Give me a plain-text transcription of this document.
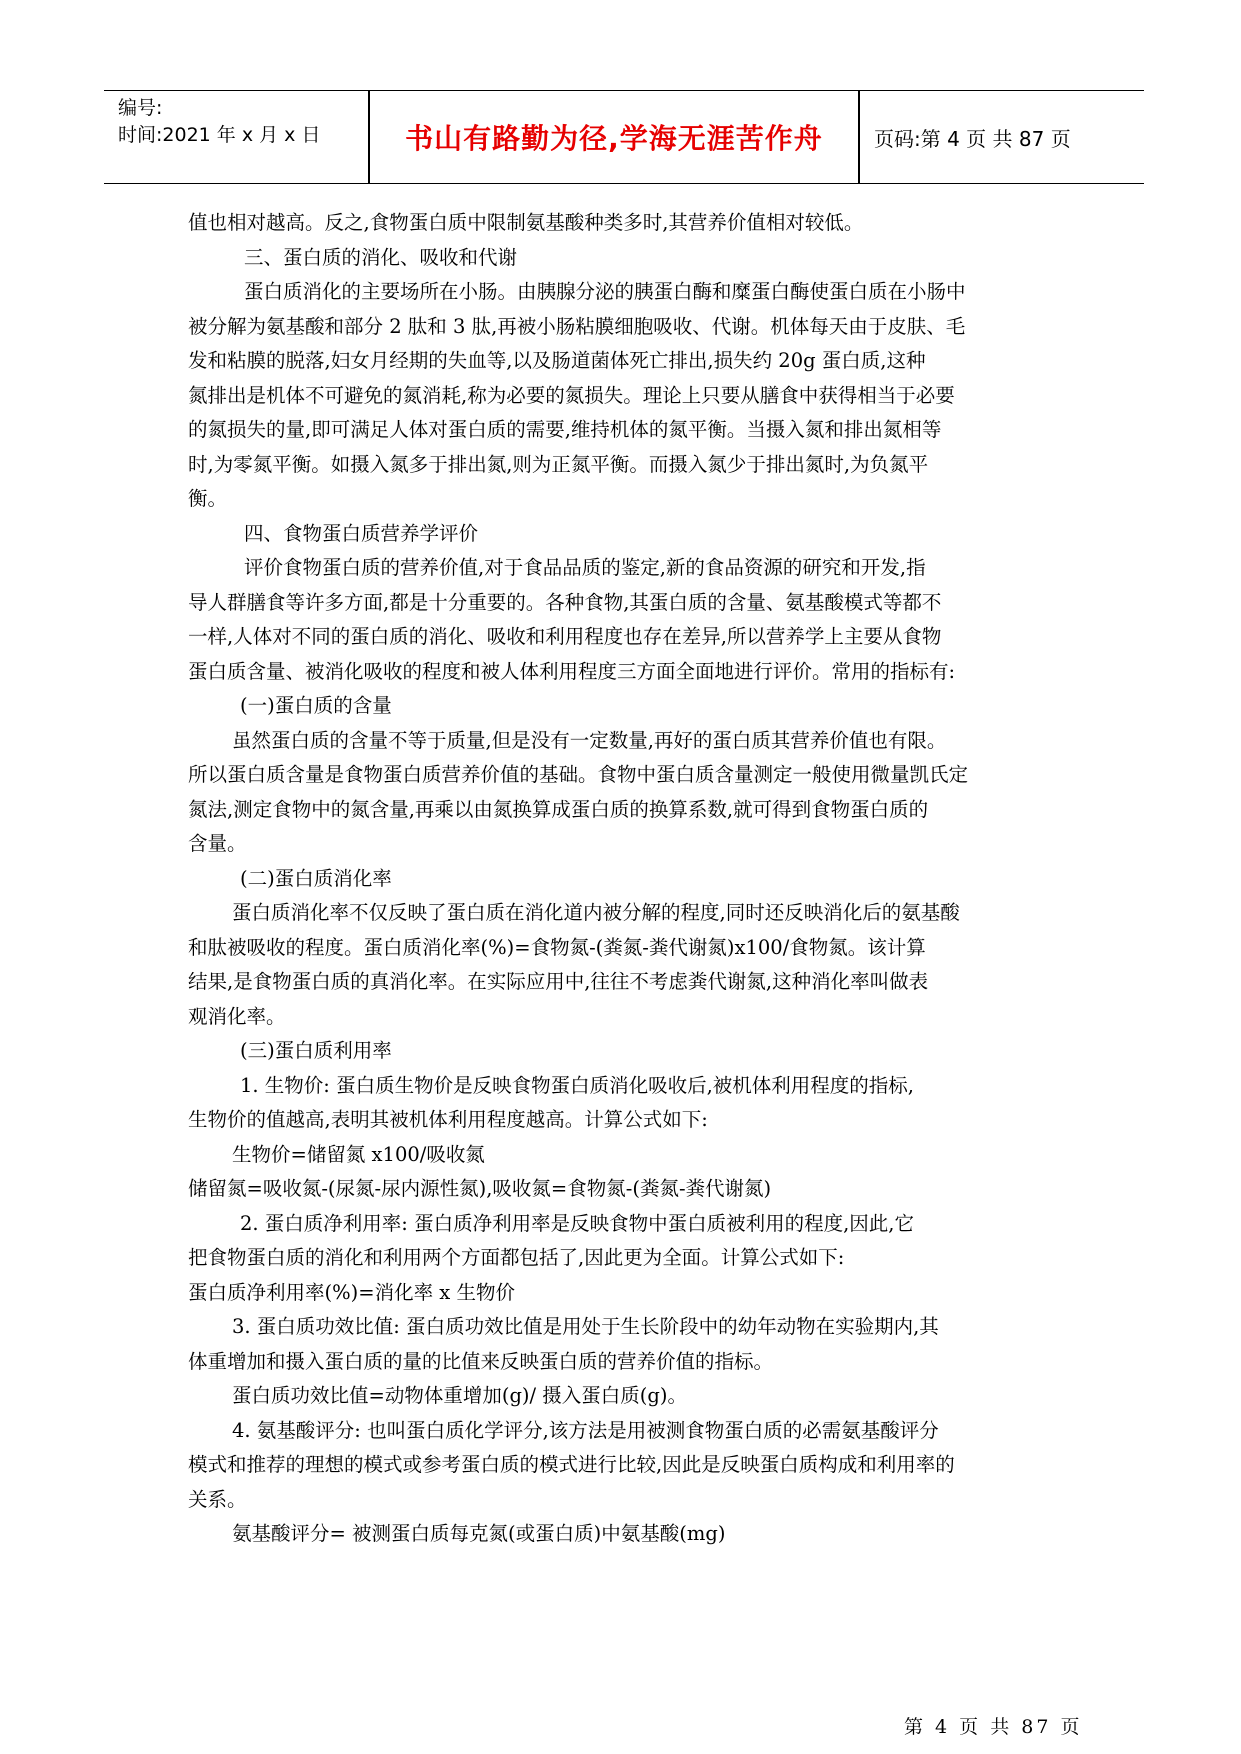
编号:
时间:2021 年 x 月 x 日	书山有路勤为径,学海无涯苦作舟	页码:第 4 页 共 87 页

值也相对越高。反之,食物蛋白质中限制氨基酸种类多时,其营养价值相对较低。

三、蛋白质的消化、吸收和代谢

蛋白质消化的主要场所在小肠。由胰腺分泌的胰蛋白酶和糜蛋白酶使蛋白质在小肠中

被分解为氨基酸和部分 2 肽和 3 肽,再被小肠粘膜细胞吸收、代谢。机体每天由于皮肤、毛

发和粘膜的脱落,妇女月经期的失血等,以及肠道菌体死亡排出,损失约 20g 蛋白质,这种

氮排出是机体不可避免的氮消耗,称为必要的氮损失。理论上只要从膳食中获得相当于必要

的氮损失的量,即可满足人体对蛋白质的需要,维持机体的氮平衡。当摄入氮和排出氮相等

时,为零氮平衡。如摄入氮多于排出氮,则为正氮平衡。而摄入氮少于排出氮时,为负氮平

衡。

四、食物蛋白质营养学评价

评价食物蛋白质的营养价值,对于食品品质的鉴定,新的食品资源的研究和开发,指

导人群膳食等许多方面,都是十分重要的。各种食物,其蛋白质的含量、氨基酸模式等都不

一样,人体对不同的蛋白质的消化、吸收和利用程度也存在差异,所以营养学上主要从食物

蛋白质含量、被消化吸收的程度和被人体利用程度三方面全面地进行评价。常用的指标有:

(一)蛋白质的含量

虽然蛋白质的含量不等于质量,但是没有一定数量,再好的蛋白质其营养价值也有限。

所以蛋白质含量是食物蛋白质营养价值的基础。食物中蛋白质含量测定一般使用微量凯氏定

氮法,测定食物中的氮含量,再乘以由氮换算成蛋白质的换算系数,就可得到食物蛋白质的

含量。

(二)蛋白质消化率

蛋白质消化率不仅反映了蛋白质在消化道内被分解的程度,同时还反映消化后的氨基酸

和肽被吸收的程度。蛋白质消化率(%)=食物氮-(粪氮-粪代谢氮)x100/食物氮。该计算

结果,是食物蛋白质的真消化率。在实际应用中,往往不考虑粪代谢氮,这种消化率叫做表

观消化率。

(三)蛋白质利用率

1. 生物价: 蛋白质生物价是反映食物蛋白质消化吸收后,被机体利用程度的指标,

生物价的值越高,表明其被机体利用程度越高。计算公式如下:

生物价=储留氮 x100/吸收氮

储留氮=吸收氮-(尿氮-尿内源性氮),吸收氮=食物氮-(粪氮-粪代谢氮)

2. 蛋白质净利用率: 蛋白质净利用率是反映食物中蛋白质被利用的程度,因此,它

把食物蛋白质的消化和利用两个方面都包括了,因此更为全面。计算公式如下:

蛋白质净利用率(%)=消化率 x 生物价

3. 蛋白质功效比值: 蛋白质功效比值是用处于生长阶段中的幼年动物在实验期内,其

体重增加和摄入蛋白质的量的比值来反映蛋白质的营养价值的指标。

蛋白质功效比值=动物体重增加(g)/ 摄入蛋白质(g)。

4. 氨基酸评分: 也叫蛋白质化学评分,该方法是用被测食物蛋白质的必需氨基酸评分

模式和推荐的理想的模式或参考蛋白质的模式进行比较,因此是反映蛋白质构成和利用率的

关系。

氨基酸评分= 被测蛋白质每克氮(或蛋白质)中氨基酸(mg)

第 4 页 共 87 页
